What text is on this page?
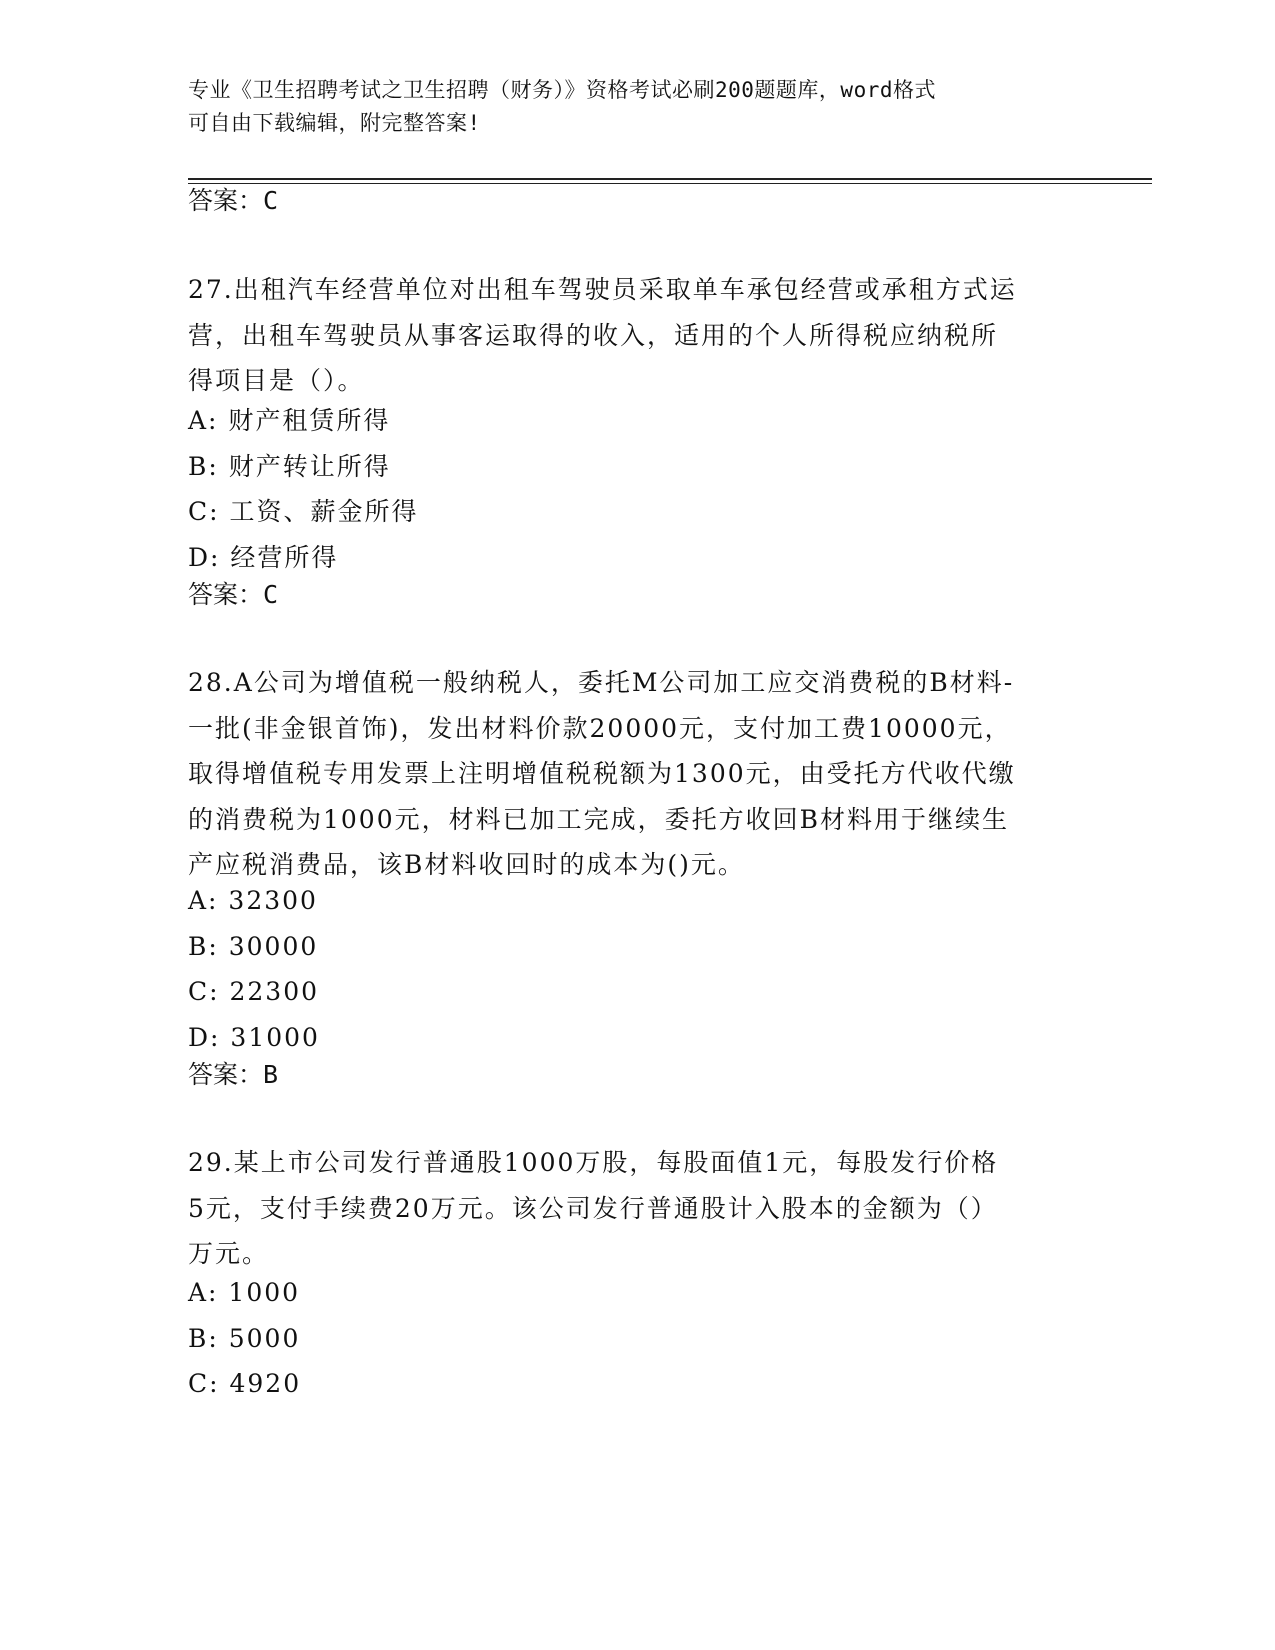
专业《卫生招聘考试之卫生招聘（财务）》资格考试必刷200题题库，word格式
可自由下载编辑，附完整答案!
答案：C
27.出租汽车经营单位对出租车驾驶员采取单车承包经营或承租方式运
营，出租车驾驶员从事客运取得的收入，适用的个人所得税应纳税所
得项目是（）。
A: 财产租赁所得
B: 财产转让所得
C: 工资、薪金所得
D: 经营所得
答案：C
28.A公司为增值税一般纳税人，委托M公司加工应交消费税的B材料-
一批(非金银首饰)，发出材料价款20000元，支付加工费10000元，
取得增值税专用发票上注明增值税税额为1300元，由受托方代收代缴
的消费税为1000元，材料已加工完成，委托方收回B材料用于继续生
产应税消费品，该B材料收回时的成本为()元。
A: 32300
B: 30000
C: 22300
D: 31000
答案：B
29.某上市公司发行普通股1000万股，每股面值1元，每股发行价格
5元，支付手续费20万元。该公司发行普通股计入股本的金额为（）
万元。
A: 1000
B: 5000
C: 4920
